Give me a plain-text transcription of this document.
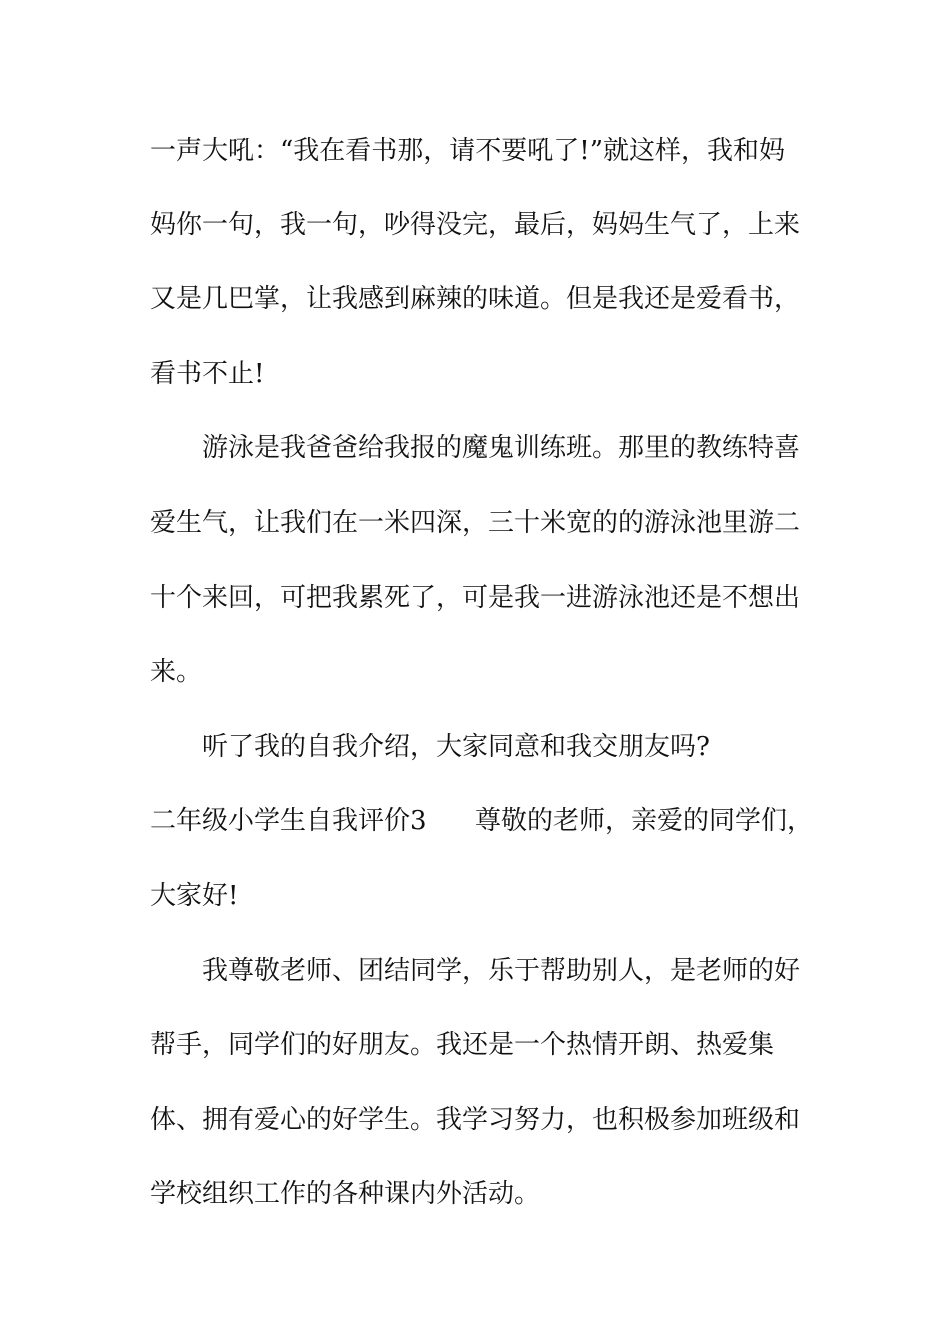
一声大吼：“我在看书那，请不要吼了!”就这样，我和妈
妈你一句，我一句，吵得没完，最后，妈妈生气了，上来
又是几巴掌，让我感到麻辣的味道。但是我还是爱看书，
看书不止!
游泳是我爸爸给我报的魔鬼训练班。那里的教练特喜
爱生气，让我们在一米四深，三十米宽的的游泳池里游二
十个来回，可把我累死了，可是我一进游泳池还是不想出
来。
听了我的自我介绍，大家同意和我交朋友吗?
二年级小学生自我评价3 尊敬的老师，亲爱的同学们，
大家好!
我尊敬老师、团结同学，乐于帮助别人，是老师的好
帮手，同学们的好朋友。我还是一个热情开朗、热爱集
体、拥有爱心的好学生。我学习努力，也积极参加班级和
学校组织工作的各种课内外活动。
